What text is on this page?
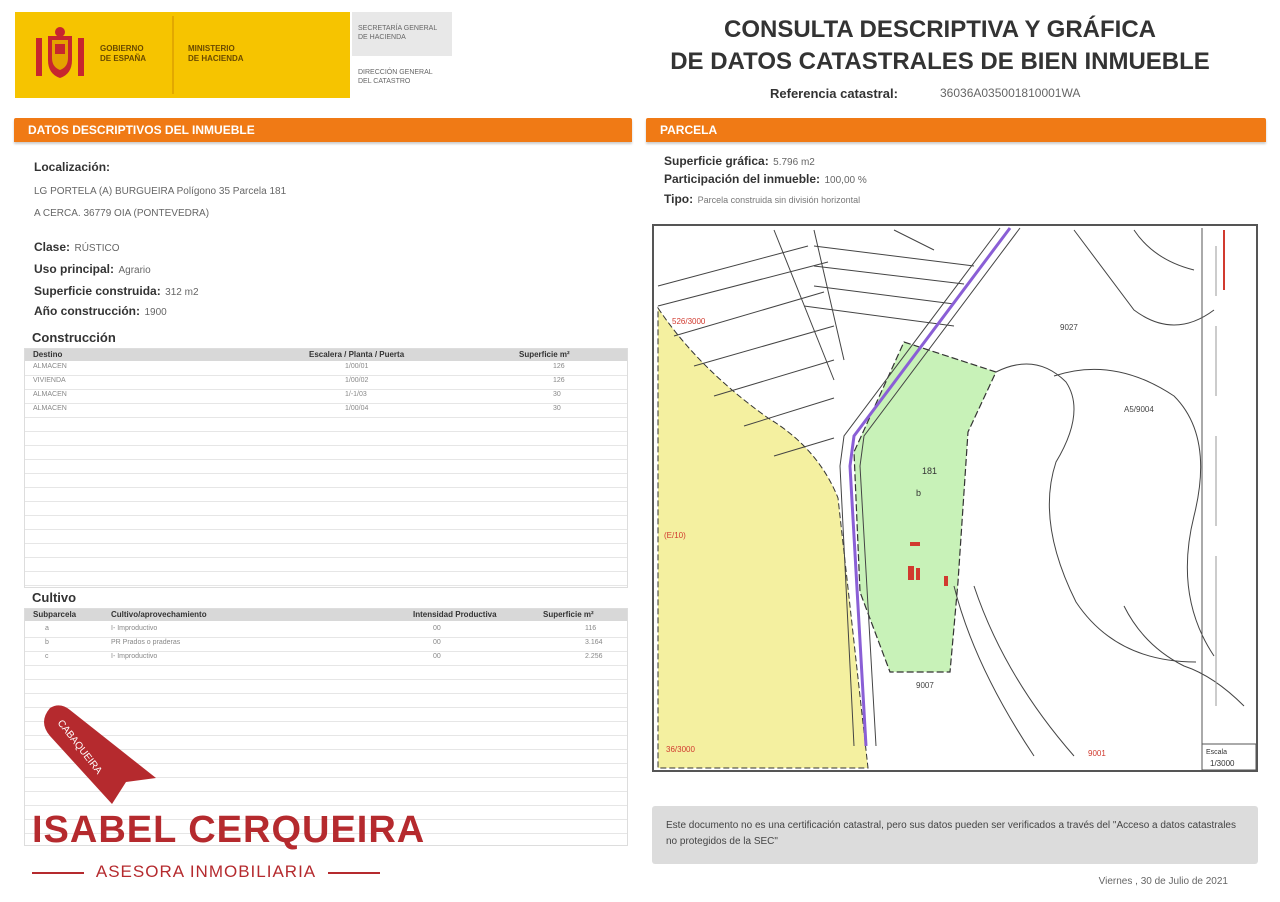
GOBIERNO
DE ESPAÑA
MINISTERIO
DE HACIENDA
SECRETARÍA GENERAL
DE HACIENDA
DIRECCIÓN GENERAL
DEL CATASTRO
CONSULTA DESCRIPTIVA Y GRÁFICA
DE DATOS CATASTRALES DE BIEN INMUEBLE
Referencia catastral:	36036A035001810001WA
DATOS DESCRIPTIVOS DEL INMUEBLE
Localización:
LG PORTELA (A) BURGUEIRA Polígono 35 Parcela 181
A CERCA. 36779 OIA (PONTEVEDRA)
Clase: RÚSTICO
Uso principal: Agrario
Superficie construida: 312 m2
Año construcción: 1900
Construcción
Destino	Escalera / Planta / Puerta	Superficie m²
ALMACEN	1/00/01	126
VIVIENDA	1/00/02	126
ALMACEN	1/-1/03	30
ALMACEN	1/00/04	30
Cultivo
Subparcela	Cultivo/aprovechamiento	Intensidad Productiva	Superficie m²
a	I- Improductivo	00	116
b	PR Prados o praderas	00	3.164
c	I- Improductivo	00	2.256
CABAQUEIRA
ISABEL CERQUEIRA
ASESORA INMOBILIARIA
PARCELA
Superficie gráfica: 5.796 m2
Participación del inmueble: 100,00 %
Tipo: Parcela construida sin división horizontal
181
b
9027
A5/9004
9007
526/3000
(E/10)
36/3000	9001	Escala
1/3000
Este documento no es una certificación catastral, pero sus datos pueden ser verificados a través del "Acceso a datos catastrales no protegidos de la SEC"
Viernes , 30 de Julio de 2021
